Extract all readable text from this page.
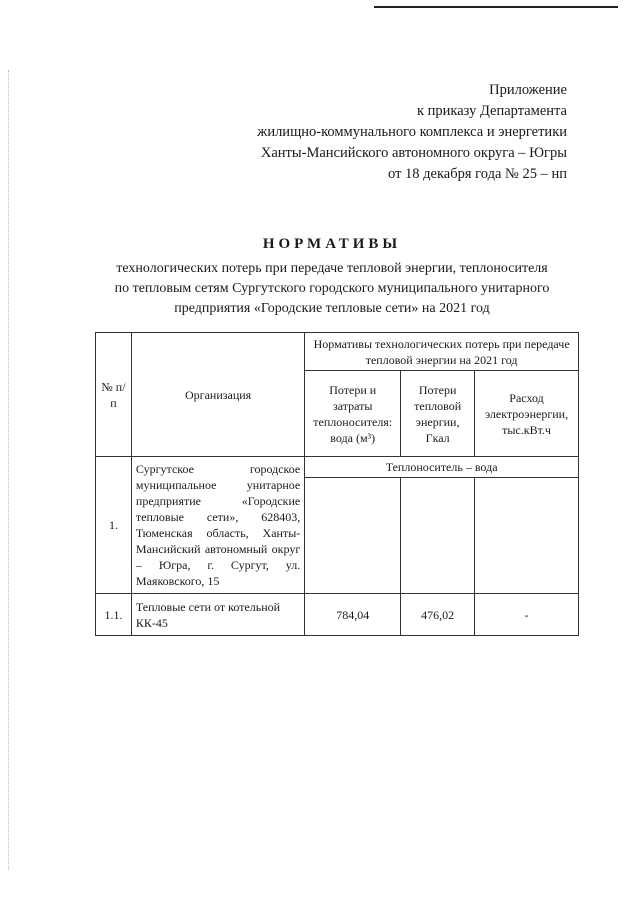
Приложение
к приказу Департамента
жилищно-коммунального комплекса и энергетики
Ханты-Мансийского автономного округа – Югры
от 18 декабря года № 25 – нп
НОРМАТИВЫ
технологических потерь при передаче тепловой энергии, теплоносителя
по тепловым сетям Сургутского городского муниципального унитарного
предприятия «Городские тепловые сети» на 2021 год
№ п/п	Организация	Нормативы технологических потерь при передаче тепловой энергии на 2021 год		
		Потери и затраты теплоносителя: вода (м³)	Потери тепловой энергии, Гкал	Расход электроэнергии, тыс.кВт.ч
1.	Сургутское городское муниципальное унитарное предприятие «Городские тепловые сети», 628403, Тюменская область, Ханты-Мансийский автономный округ – Югра, г. Сургут, ул. Маяковского, 15	Теплоноситель – вода		

1.1.	Тепловые сети от котельной КК-45	784,04	476,02	-
